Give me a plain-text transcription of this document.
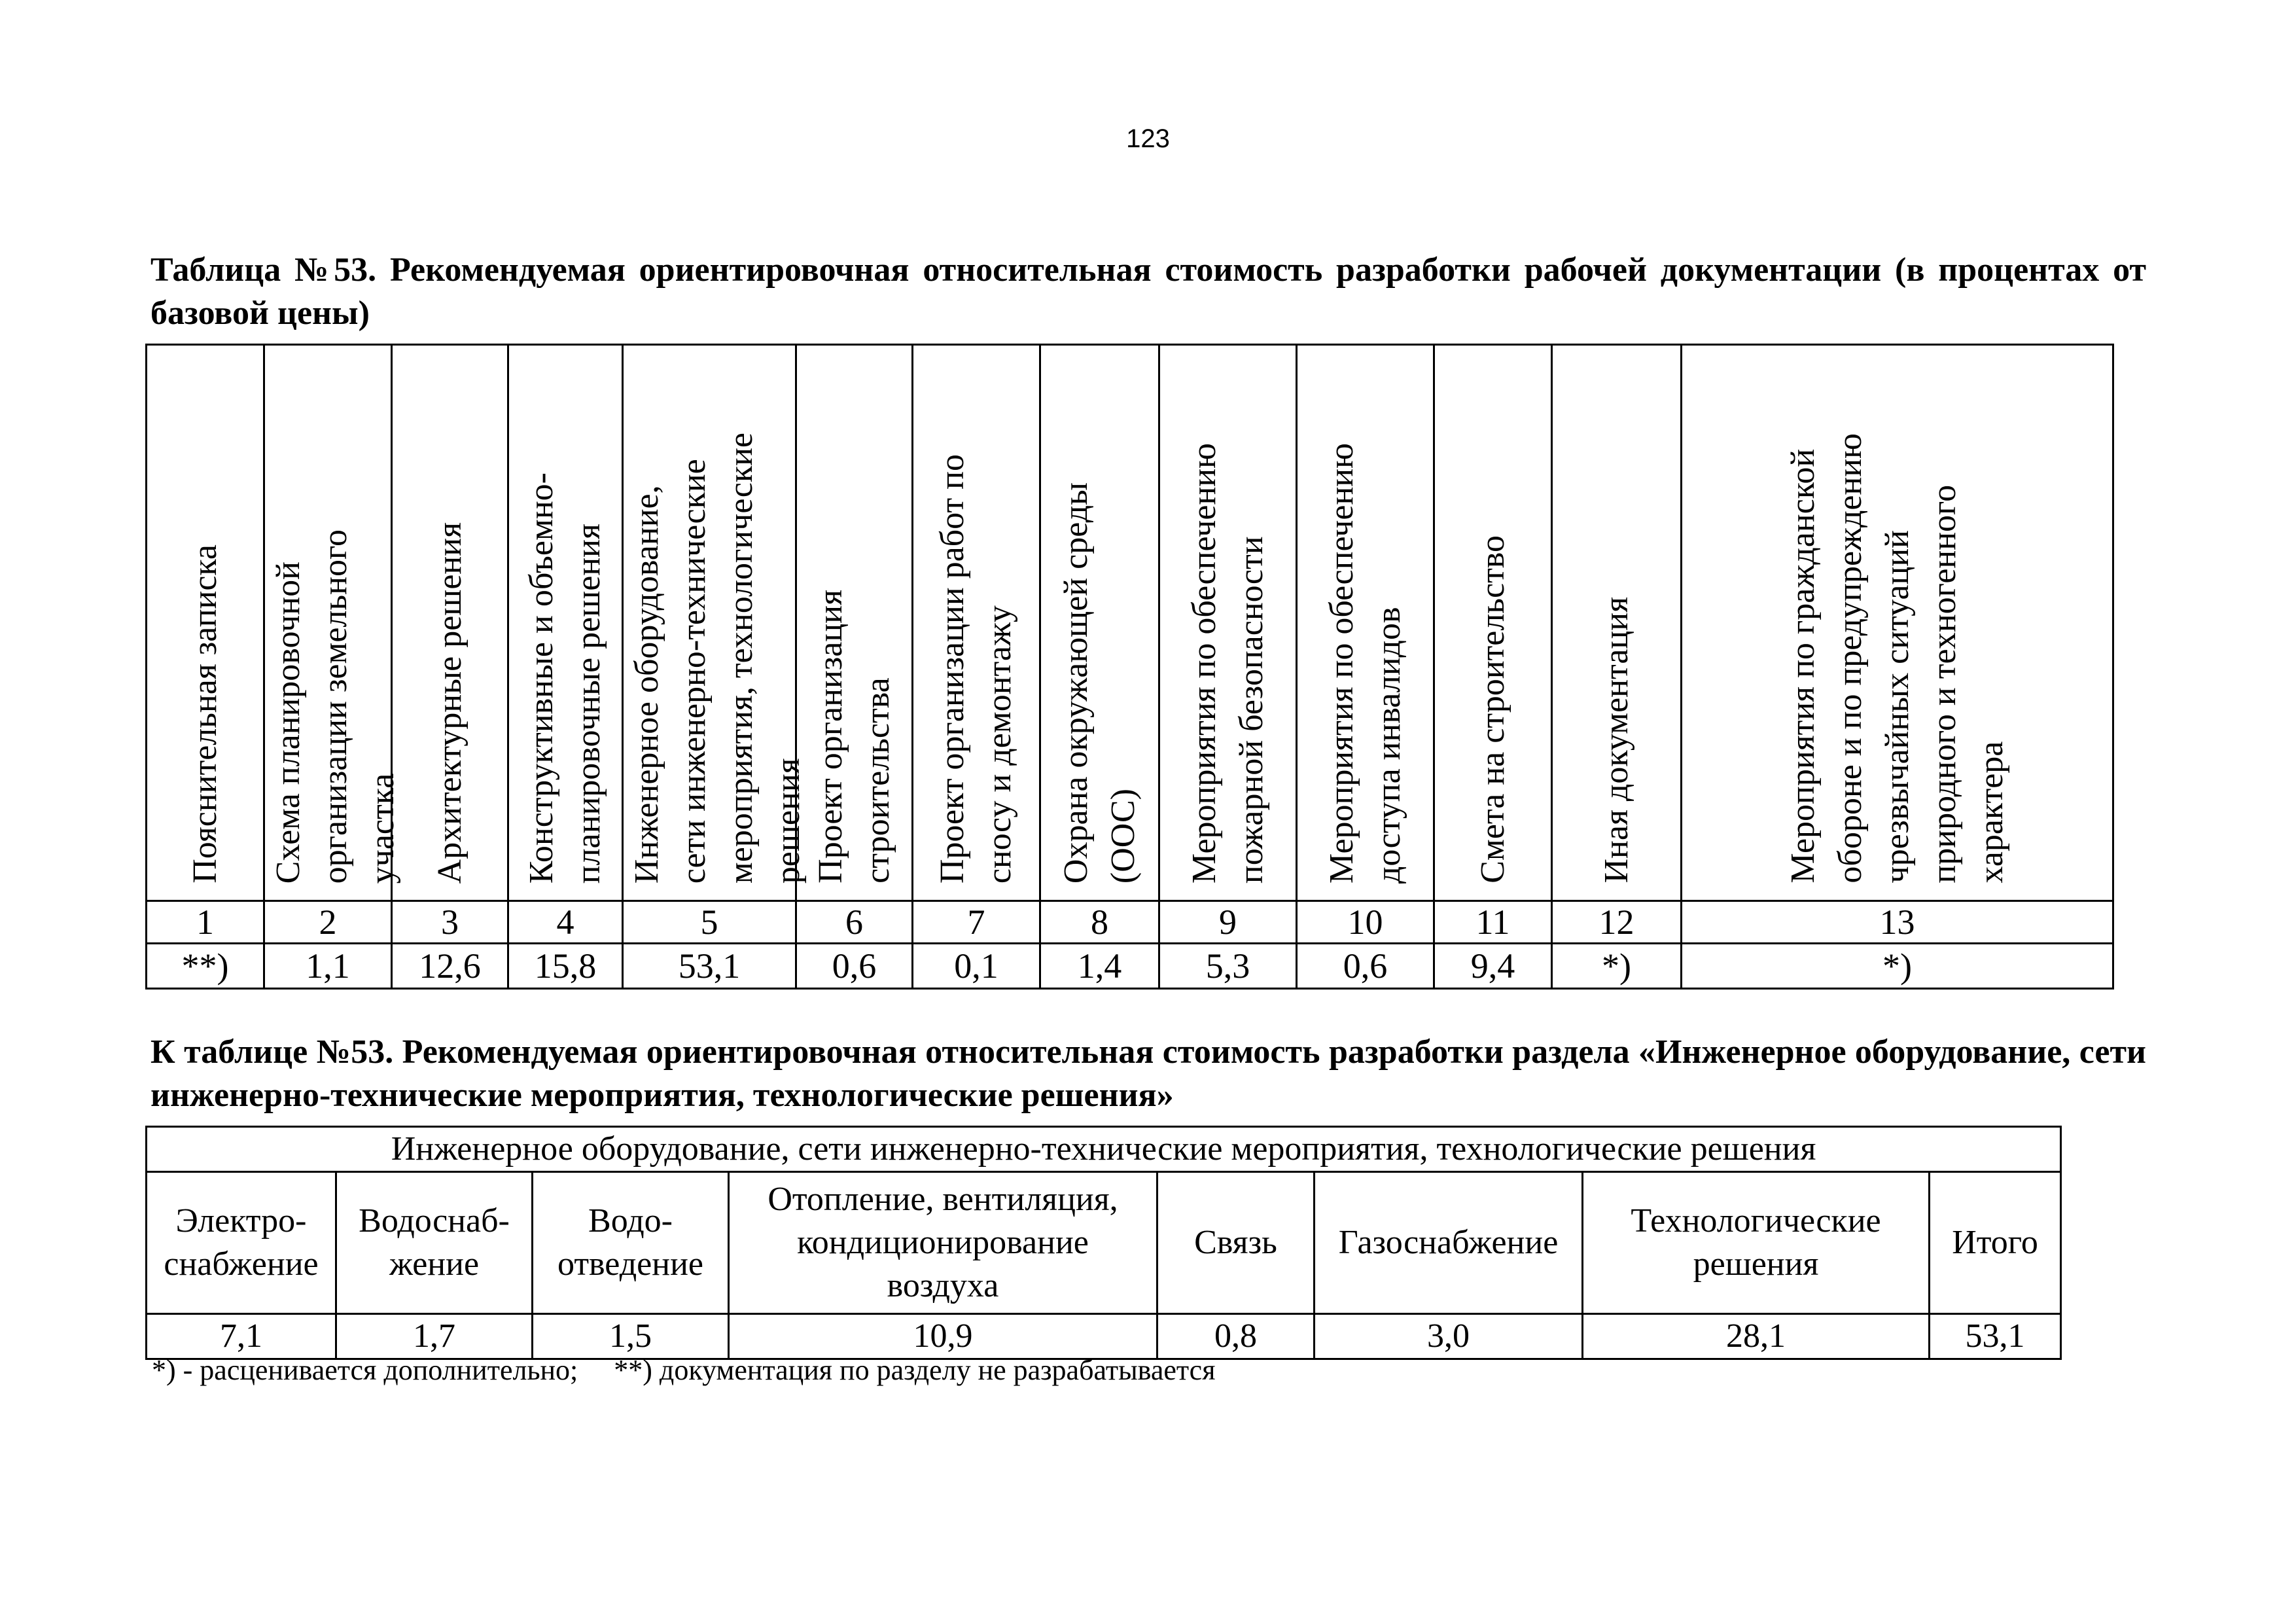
123
Таблица №53. Рекомендуемая ориентировочная относительная стоимость разработки рабочей документации (в процентах от базовой цены)
Пояснительная записка	Схема планировочной
организации земельного
участка	Архитектурные решения	Конструктивные и объемно-
планировочные решения	Инженерное оборудование,
сети инженерно-технические
мероприятия, технологические
решения	Проект организация
строительства	Проект организации работ по
сносу и демонтажу	Охрана окружающей среды
(ООС)	Мероприятия по обеспечению
пожарной безопасности	Мероприятия по обеспечению
доступа инвалидов	Смета на строительство	Иная документация	Мероприятия по гражданской
обороне и по предупреждению
чрезвычайных ситуаций
природного и техногенного
характера
1	2	3	4	5	6	7	8	9	10	11	12	13
**)	1,1	12,6	15,8	53,1	0,6	0,1	1,4	5,3	0,6	9,4	*)	*)
К таблице №53. Рекомендуемая ориентировочная относительная стоимость разработки раздела «Инженерное оборудование, сети инженерно-технические мероприятия, технологические решения»
Инженерное оборудование, сети инженерно-технические мероприятия, технологические решения							
Электро-
снабжение	Водоснаб-
жение	Водо-
отведение	Отопление, вентиляция,
кондиционирование
воздуха	Связь	Газоснабжение	Технологические
решения	Итого
7,1	1,7	1,5	10,9	0,8	3,0	28,1	53,1
*) - расценивается дополнительно;     **) документация по разделу не разрабатывается
